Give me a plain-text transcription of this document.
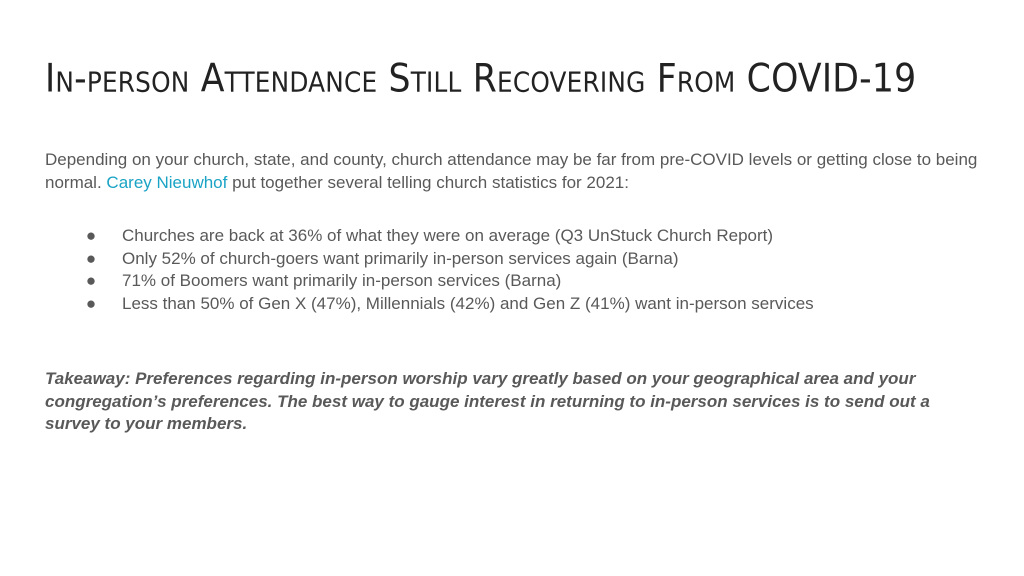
In-person Attendance Still Recovering From COVID-19

Depending on your church, state, and county, church attendance may be far from pre-COVID levels or getting close to being normal. Carey Nieuwhof put together several telling church statistics for 2021:

● Churches are back at 36% of what they were on average (Q3 UnStuck Church Report)
● Only 52% of church-goers want primarily in-person services again (Barna)
● 71% of Boomers want primarily in-person services (Barna)
● Less than 50% of Gen X (47%), Millennials (42%) and Gen Z (41%) want in-person services

Takeaway: Preferences regarding in-person worship vary greatly based on your geographical area and your congregation’s preferences. The best way to gauge interest in returning to in-person services is to send out a survey to your members.
